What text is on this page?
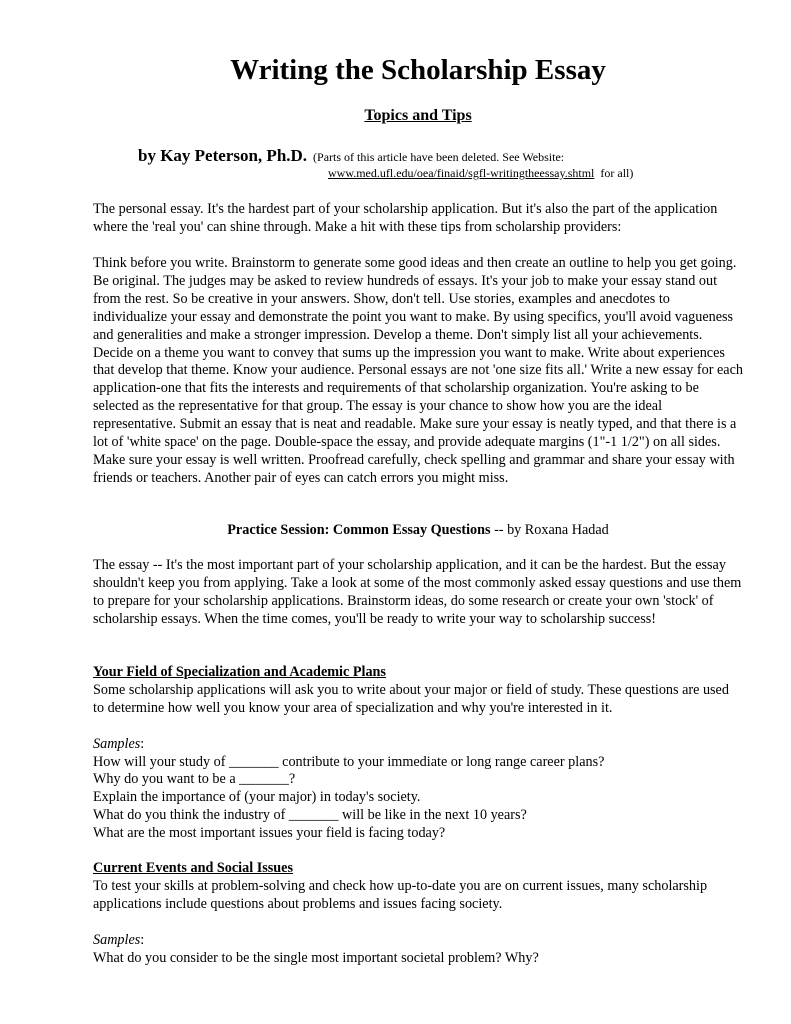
Writing the Scholarship Essay
Topics and Tips
by Kay Peterson, Ph.D. (Parts of this article have been deleted. See Website:
www.med.ufl.edu/oea/finaid/sgfl-writingtheessay.shtml for all)

The personal essay. It's the hardest part of your scholarship application. But it's also the part of the application where the 'real you' can shine through. Make a hit with these tips from scholarship providers:

Think before you write. Brainstorm to generate some good ideas and then create an outline to help you get going. Be original. The judges may be asked to review hundreds of essays. It's your job to make your essay stand out from the rest. So be creative in your answers. Show, don't tell. Use stories, examples and anecdotes to individualize your essay and demonstrate the point you want to make. By using specifics, you'll avoid vagueness and generalities and make a stronger impression. Develop a theme. Don't simply list all your achievements. Decide on a theme you want to convey that sums up the impression you want to make. Write about experiences that develop that theme. Know your audience. Personal essays are not 'one size fits all.' Write a new essay for each application-one that fits the interests and requirements of that scholarship organization. You're asking to be selected as the representative for that group. The essay is your chance to show how you are the ideal representative. Submit an essay that is neat and readable. Make sure your essay is neatly typed, and that there is a lot of 'white space' on the page. Double-space the essay, and provide adequate margins (1"-1 1/2") on all sides. Make sure your essay is well written. Proofread carefully, check spelling and grammar and share your essay with friends or teachers. Another pair of eyes can catch errors you might miss.

Practice Session: Common Essay Questions -- by Roxana Hadad

The essay -- It's the most important part of your scholarship application, and it can be the hardest. But the essay shouldn't keep you from applying. Take a look at some of the most commonly asked essay questions and use them to prepare for your scholarship applications. Brainstorm ideas, do some research or create your own 'stock' of scholarship essays. When the time comes, you'll be ready to write your way to scholarship success!

Your Field of Specialization and Academic Plans
Some scholarship applications will ask you to write about your major or field of study. These questions are used to determine how well you know your area of specialization and why you're interested in it.
Samples:
How will your study of _______ contribute to your immediate or long range career plans?
Why do you want to be a _______?
Explain the importance of (your major) in today's society.
What do you think the industry of _______ will be like in the next 10 years?
What are the most important issues your field is facing today?
Current Events and Social Issues
To test your skills at problem-solving and check how up-to-date you are on current issues, many scholarship applications include questions about problems and issues facing society.
Samples:
What do you consider to be the single most important societal problem? Why?
